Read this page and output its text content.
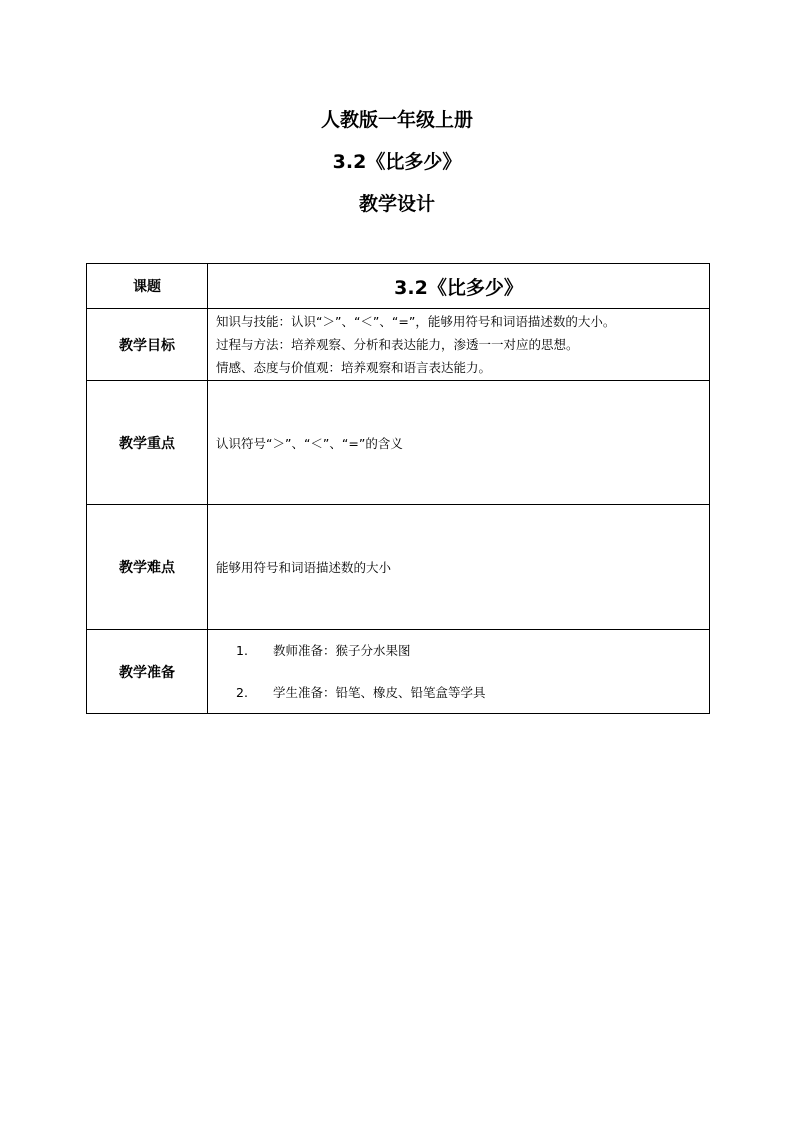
人教版一年级上册
3.2《比多少》
教学设计
课题	3.2《比多少》
教学目标	知识与技能：认识“＞”、“＜”、“=”，能够用符号和词语描述数的大小。
过程与方法：培养观察、分析和表达能力，渗透一一对应的思想。
情感、态度与价值观：培养观察和语言表达能力。

教学重点	认识符号“＞”、“＜”、“=”的含义
教学难点	能够用符号和词语描述数的大小
教学准备	1. 教师准备：猴子分水果图
2. 学生准备：铅笔、橡皮、铅笔盒等学具
